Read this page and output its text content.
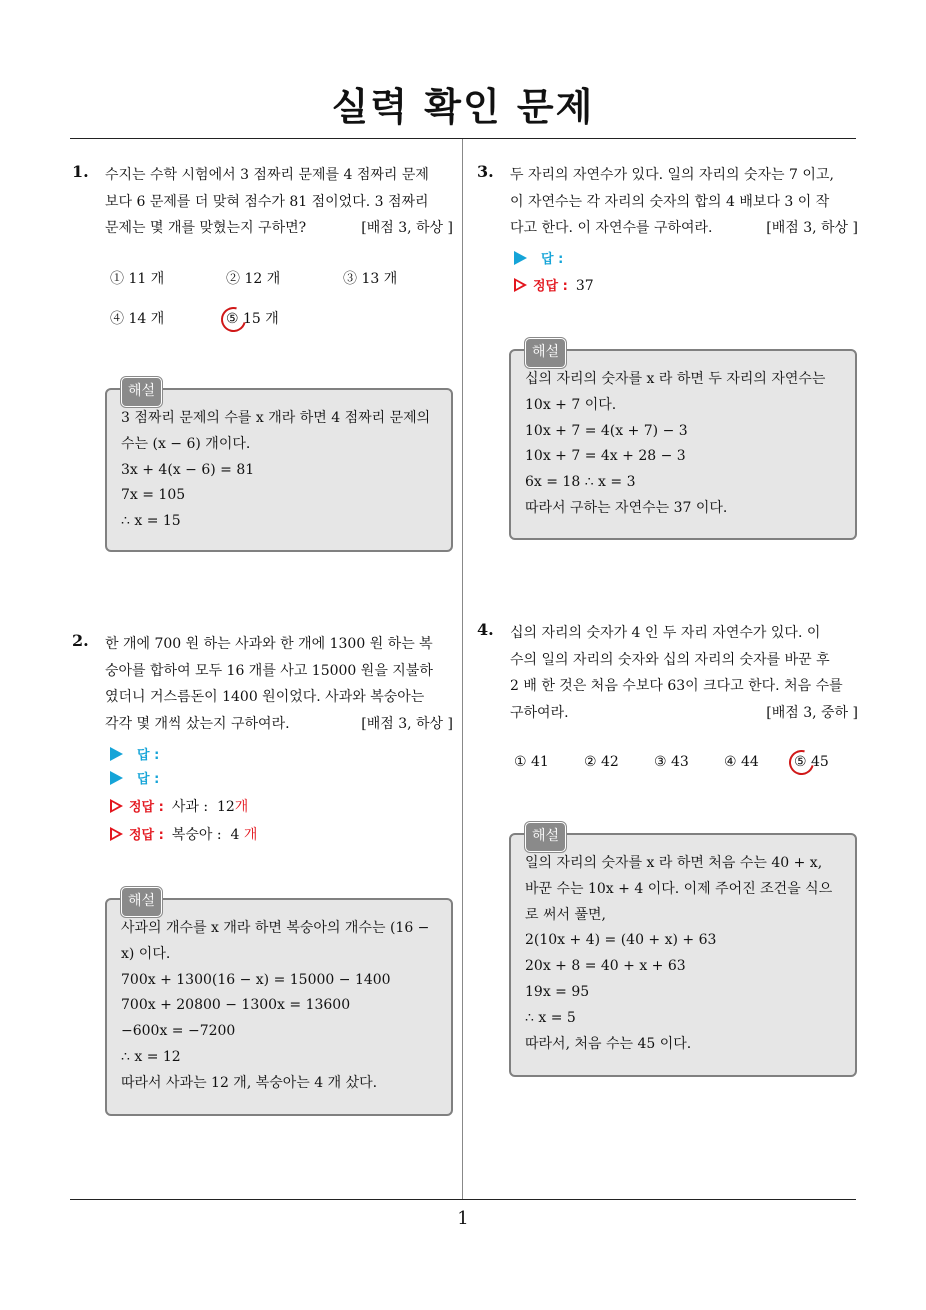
실력 확인 문제
1. 수지는 수학 시험에서 3 점짜리 문제를 4 점짜리 문제
보다 6 문제를 더 맞혀 점수가 81 점이었다. 3 점짜리
문제는 몇 개를 맞혔는지 구하면?	[배점 3, 하상 ]
① 11 개	② 12 개	③ 13 개
④ 14 개	⑤ 15 개
해설
3 점짜리 문제의 수를 x 개라 하면 4 점짜리 문제의
수는 (x − 6) 개이다.
3x + 4(x − 6) = 81
7x = 105
∴ x = 15
2. 한 개에 700 원 하는 사과와 한 개에 1300 원 하는 복
숭아를 합하여 모두 16 개를 사고 15000 원을 지불하
였더니 거스름돈이 1400 원이었다. 사과와 복숭아는
각각 몇 개씩 샀는지 구하여라.	[배점 3, 하상 ]
답 :
답 :
정답 : 사과 : 12개
정답 : 복숭아 : 4 개
해설
사과의 개수를 x 개라 하면 복숭아의 개수는 (16 −
x) 이다.
700x + 1300(16 − x) = 15000 − 1400
700x + 20800 − 1300x = 13600
−600x = −7200
∴ x = 12
따라서 사과는 12 개, 복숭아는 4 개 샀다.
3. 두 자리의 자연수가 있다. 일의 자리의 숫자는 7 이고,
이 자연수는 각 자리의 숫자의 합의 4 배보다 3 이 작
다고 한다. 이 자연수를 구하여라.	[배점 3, 하상 ]
답 :
정답 : 37
해설
십의 자리의 숫자를 x 라 하면 두 자리의 자연수는
10x + 7 이다.
10x + 7 = 4(x + 7) − 3
10x + 7 = 4x + 28 − 3
6x = 18 ∴ x = 3
따라서 구하는 자연수는 37 이다.
4. 십의 자리의 숫자가 4 인 두 자리 자연수가 있다. 이
수의 일의 자리의 숫자와 십의 자리의 숫자를 바꾼 후
2 배 한 것은 처음 수보다 63이 크다고 한다. 처음 수를
구하여라.	[배점 3, 중하 ]
① 41	② 42	③ 43	④ 44	⑤ 45
해설
일의 자리의 숫자를 x 라 하면 처음 수는 40 + x,
바꾼 수는 10x + 4 이다. 이제 주어진 조건을 식으
로 써서 풀면,
2(10x + 4) = (40 + x) + 63
20x + 8 = 40 + x + 63
19x = 95
∴ x = 5
따라서, 처음 수는 45 이다.
1
